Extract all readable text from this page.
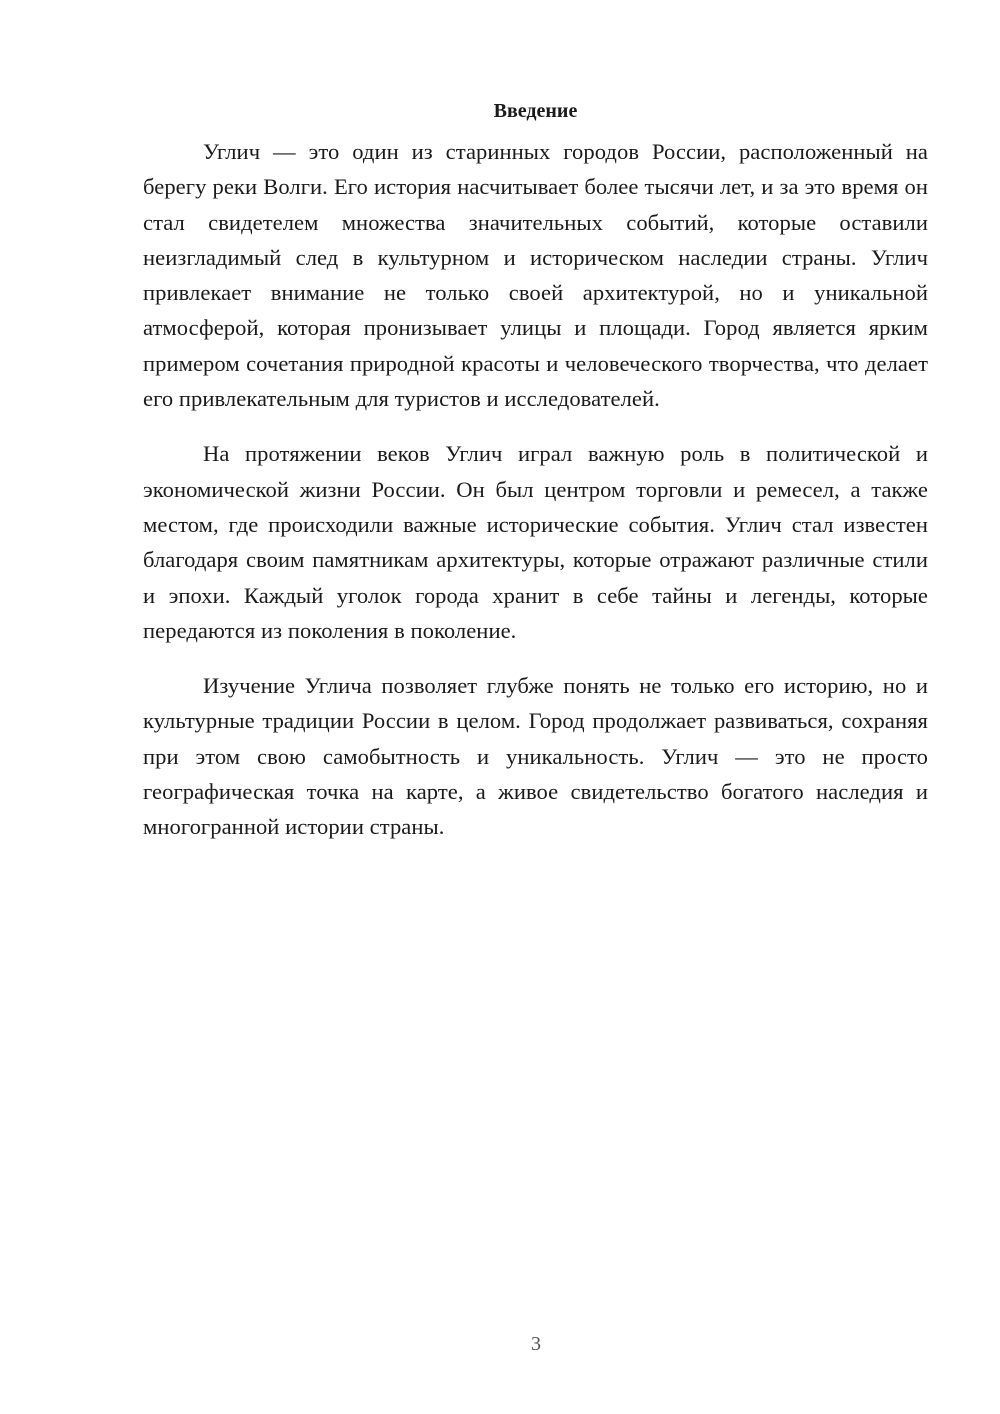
Введение

Углич — это один из старинных городов России, расположенный на берегу реки Волги. Его история насчитывает более тысячи лет, и за это время он стал свидетелем множества значительных событий, которые оставили неизгладимый след в культурном и историческом наследии страны. Углич привлекает внимание не только своей архитектурой, но и уникальной атмосферой, которая пронизывает улицы и площади. Город является ярким примером сочетания природной красоты и человеческого творчества, что делает его привлекательным для туристов и исследователей.

На протяжении веков Углич играл важную роль в политической и экономической жизни России. Он был центром торговли и ремесел, а также местом, где происходили важные исторические события. Углич стал известен благодаря своим памятникам архитектуры, которые отражают различные стили и эпохи. Каждый уголок города хранит в себе тайны и легенды, которые передаются из поколения в поколение.

Изучение Углича позволяет глубже понять не только его историю, но и культурные традиции России в целом. Город продолжает развиваться, сохраняя при этом свою самобытность и уникальность. Углич — это не просто географическая точка на карте, а живое свидетельство богатого наследия и многогранной истории страны.

3
